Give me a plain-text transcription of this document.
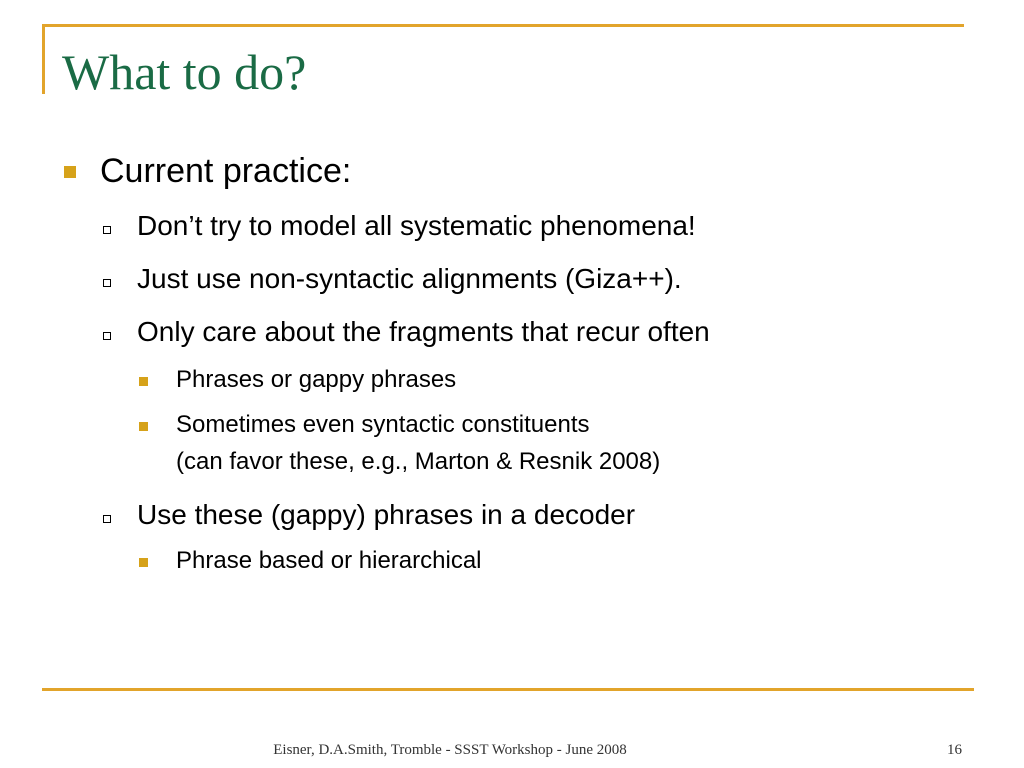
What to do?
Current practice:
Don’t try to model all systematic phenomena!
Just use non-syntactic alignments (Giza++).
Only care about the fragments that recur often
Phrases or gappy phrases
Sometimes even syntactic constituents
(can favor these, e.g., Marton & Resnik 2008)
Use these (gappy) phrases in a decoder
Phrase based or hierarchical
Eisner, D.A.Smith, Tromble - SSST Workshop - June 2008	16
